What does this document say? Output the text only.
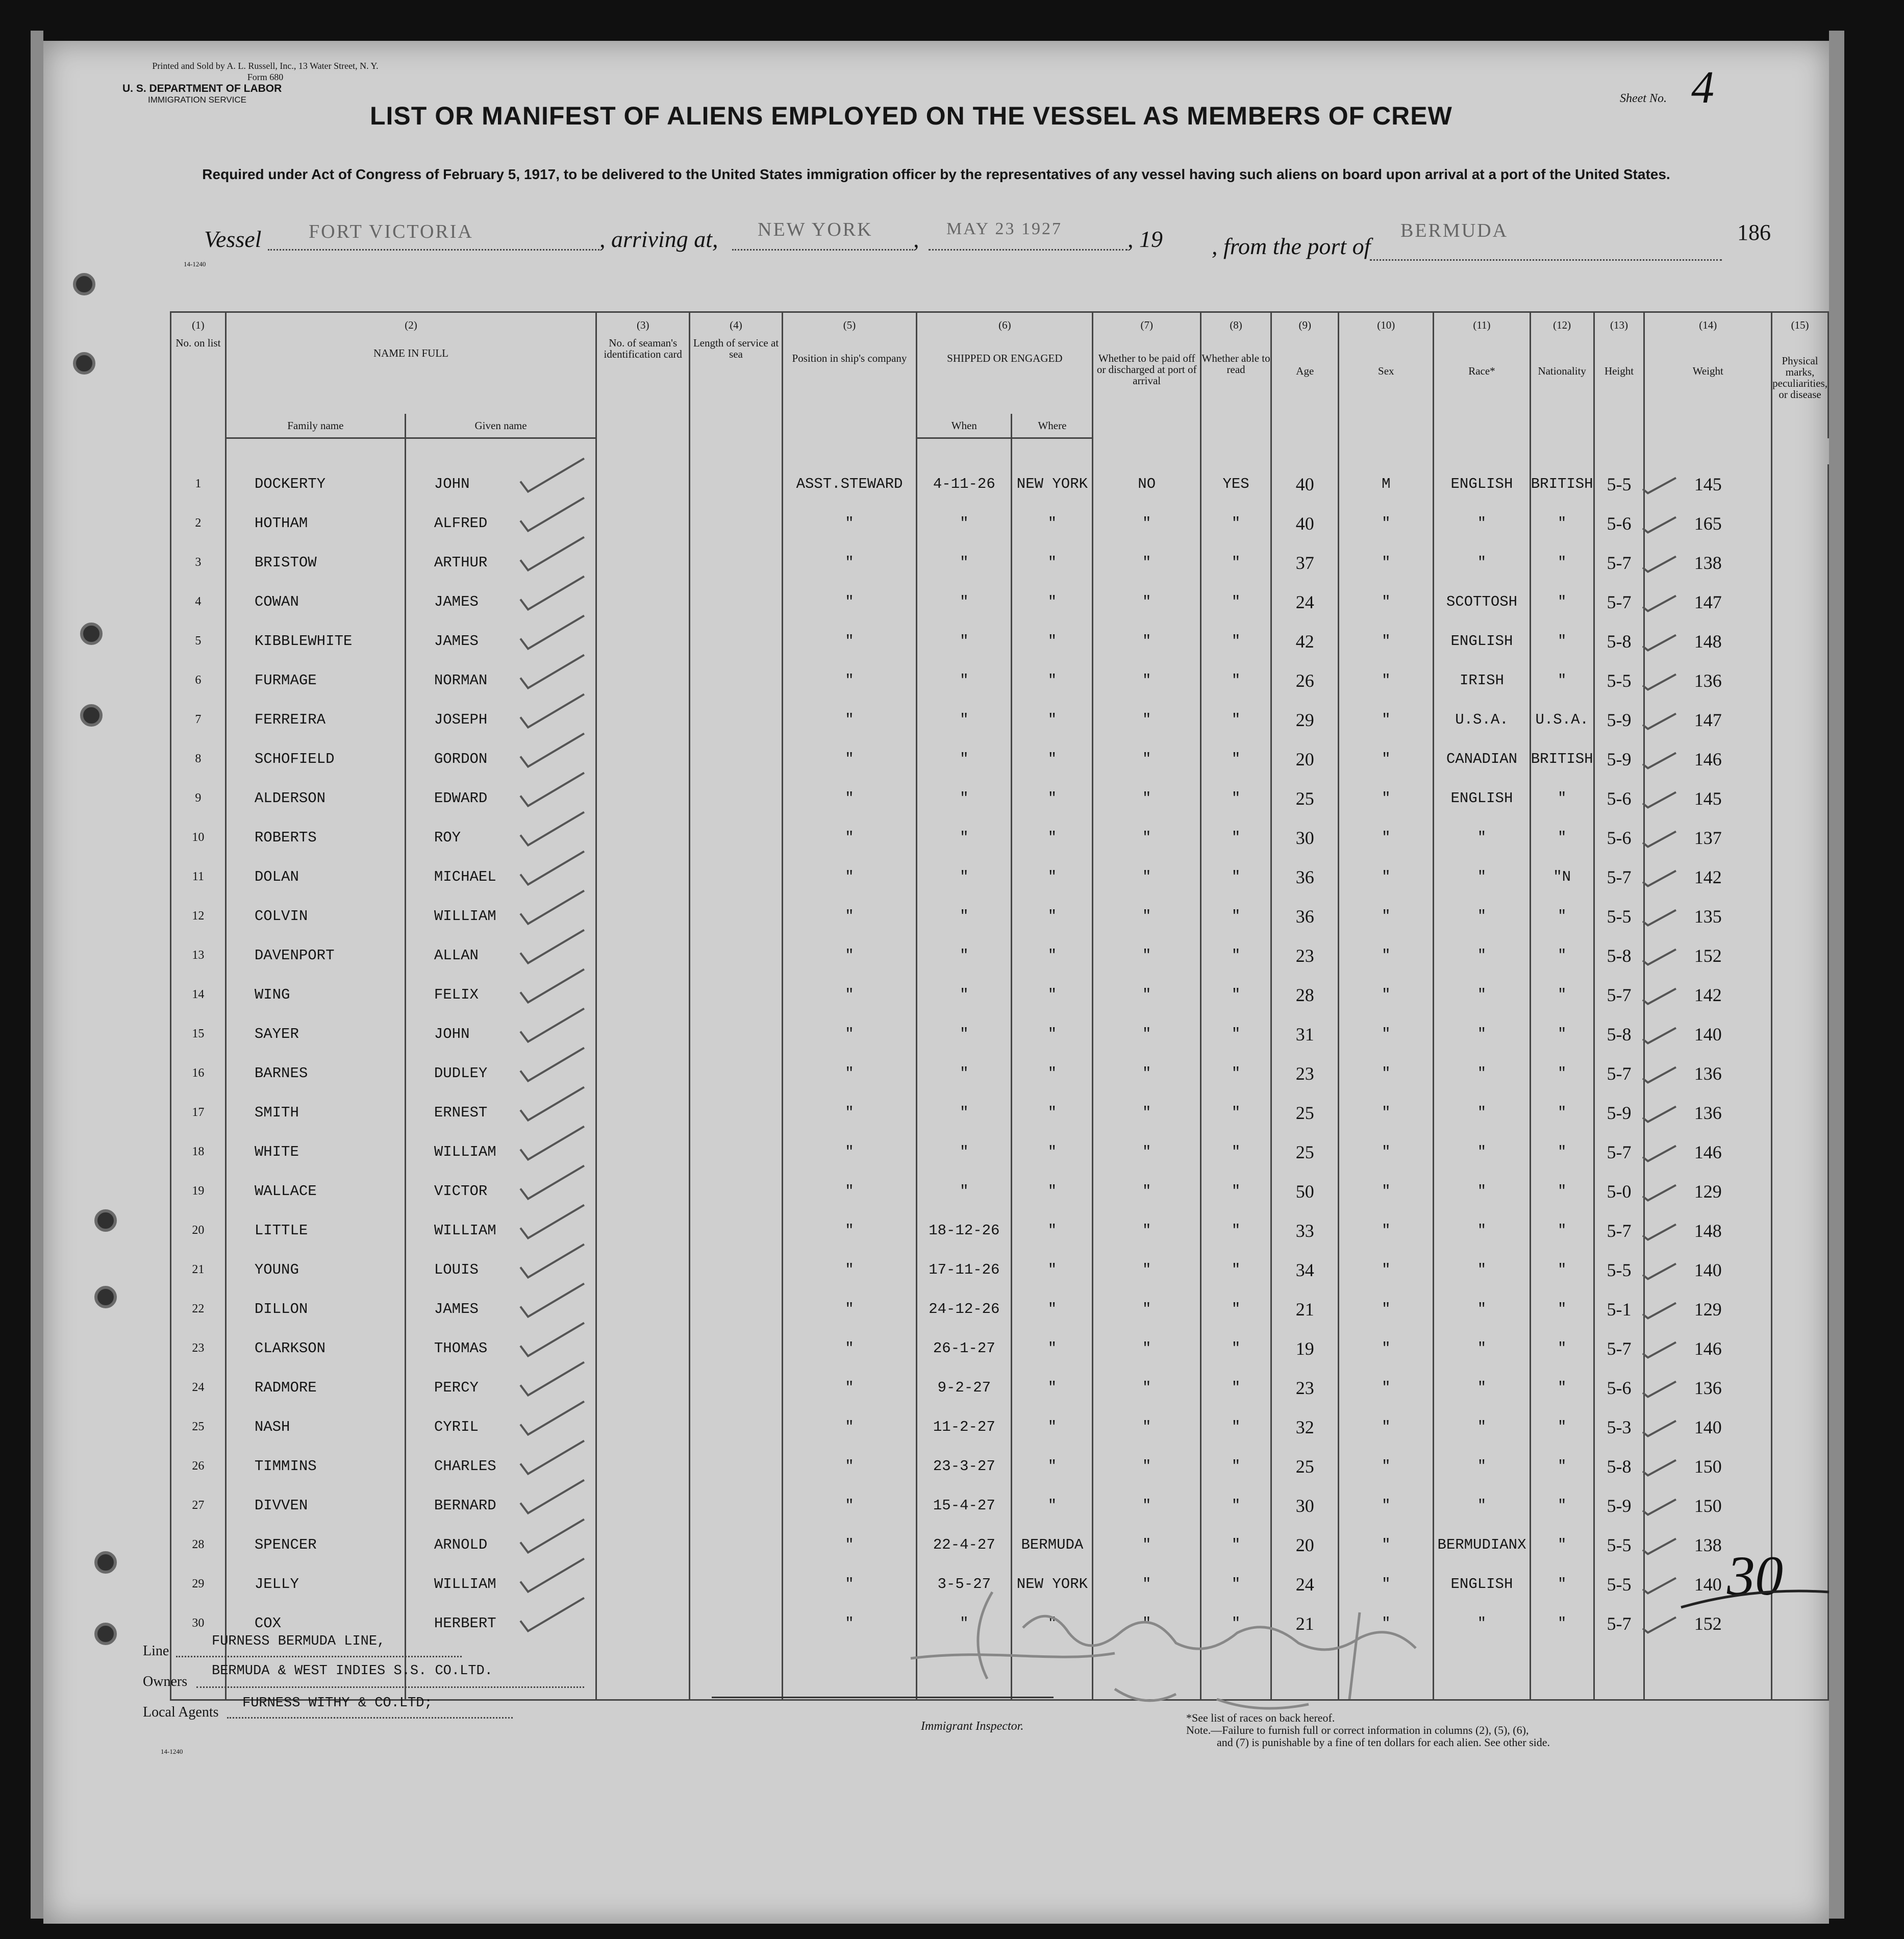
Printed and Sold by A. L. Russell, Inc., 13 Water Street, N. Y.
Form 680
U. S. DEPARTMENT OF LABOR
IMMIGRATION SERVICE
LIST OR MANIFEST OF ALIENS EMPLOYED ON THE VESSEL AS MEMBERS OF CREW
Sheet No. 4
Required under Act of Congress of February 5, 1917, to be delivered to the United States immigration officer by the representatives of any vessel having such aliens on board upon arrival at a port of the United States.
Vessel FORT VICTORIA	, arriving at, NEW YORK , MAY 23 1927	, 19 , from the port of
BERMUDA	186
14-1240
(1)	(2)		(3)	(4)	(5)	(6)		(7)	(8)	(9)	(10)	(11)	(12)	(13)	(14)	(15)
No. on list	NAME IN FULL		No. of seaman's identification card	Length of service at sea	Position in ship's company	SHIPPED OR ENGAGED		Whether to be paid off or discharged at port of arrival	Whether able to read	Age	Sex	Race*	Nationality	Height	Weight	Physical marks, peculiarities, or disease
	Family name	Given name				When	Where									

1	DOCKERTY	JOHN			ASST.STEWARD	4-11-26	NEW YORK	NO	YES	40	M	ENGLISH	BRITISH	5-5	145	
2	HOTHAM	ALFRED			"	"	"	"	"	40	"	"	"	5-6	165	
3	BRISTOW	ARTHUR			"	"	"	"	"	37	"	"	"	5-7	138	
4	COWAN	JAMES			"	"	"	"	"	24	"	SCOTTOSH	"	5-7	147	
5	KIBBLEWHITE	JAMES			"	"	"	"	"	42	"	ENGLISH	"	5-8	148	
6	FURMAGE	NORMAN			"	"	"	"	"	26	"	IRISH	"	5-5	136	
7	FERREIRA	JOSEPH			"	"	"	"	"	29	"	U.S.A.	U.S.A.	5-9	147	
8	SCHOFIELD	GORDON			"	"	"	"	"	20	"	CANADIAN	BRITISH	5-9	146	
9	ALDERSON	EDWARD			"	"	"	"	"	25	"	ENGLISH	"	5-6	145	
10	ROBERTS	ROY			"	"	"	"	"	30	"	"	"	5-6	137	
11	DOLAN	MICHAEL			"	"	"	"	"	36	"	"	"N	5-7	142	
12	COLVIN	WILLIAM			"	"	"	"	"	36	"	"	"	5-5	135	
13	DAVENPORT	ALLAN			"	"	"	"	"	23	"	"	"	5-8	152	
14	WING	FELIX			"	"	"	"	"	28	"	"	"	5-7	142	
15	SAYER	JOHN			"	"	"	"	"	31	"	"	"	5-8	140	
16	BARNES	DUDLEY			"	"	"	"	"	23	"	"	"	5-7	136	
17	SMITH	ERNEST			"	"	"	"	"	25	"	"	"	5-9	136	
18	WHITE	WILLIAM			"	"	"	"	"	25	"	"	"	5-7	146	
19	WALLACE	VICTOR			"	"	"	"	"	50	"	"	"	5-0	129	
20	LITTLE	WILLIAM			"	18-12-26	"	"	"	33	"	"	"	5-7	148	
21	YOUNG	LOUIS			"	17-11-26	"	"	"	34	"	"	"	5-5	140	
22	DILLON	JAMES			"	24-12-26	"	"	"	21	"	"	"	5-1	129	
23	CLARKSON	THOMAS			"	26-1-27	"	"	"	19	"	"	"	5-7	146	
24	RADMORE	PERCY			"	9-2-27	"	"	"	23	"	"	"	5-6	136	
25	NASH	CYRIL			"	11-2-27	"	"	"	32	"	"	"	5-3	140	
26	TIMMINS	CHARLES			"	23-3-27	"	"	"	25	"	"	"	5-8	150	
27	DIVVEN	BERNARD			"	15-4-27	"	"	"	30	"	"	"	5-9	150	
28	SPENCER	ARNOLD			"	22-4-27	BERMUDA	"	"	20	"	BERMUDIANX	"	5-5	138	
29	JELLY	WILLIAM			"	3-5-27	NEW YORK	"	"	24	"	ENGLISH	"	5-5	140	
30	COX	HERBERT			"	"	"	"	"	21	"	"	"	5-7	152	

30
Line
FURNESS BERMUDA LINE,
Owners
BERMUDA & WEST INDIES S.S. CO.LTD.
Local Agents
FURNESS WITHY & CO.LTD;
14-1240
Immigrant Inspector.
*See list of races on back hereof.
Note.—Failure to furnish full or correct information in columns (2), (5), (6),
and (7) is punishable by a fine of ten dollars for each alien. See other side.
